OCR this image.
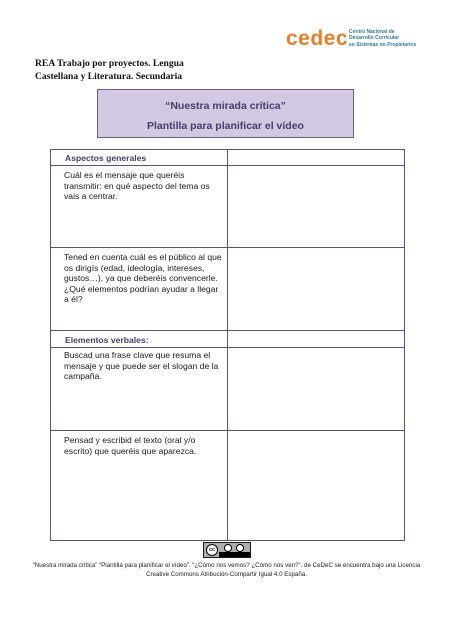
cedec Centro Nacional de
Desarrollo Curricular
en Sistemas no Propietarios
REA Trabajo por proyectos. Lengua
Castellana y Literatura. Secundaria
“Nuestra mirada crítica”
Plantilla para planificar el vídeo
Aspectos generales
Cuál es el mensaje que queréis transmitir: en qué aspecto del tema os vais a centrar.
Tened en cuenta cuál es el público al que os dirigís (edad, ideología, intereses, gustos…), ya que deberéis convencerle. ¿Qué elementos podrían ayudar a llegar a él?
Elementos verbales:
Buscad una frase clave que resuma el mensaje y que puede ser el slogan de la campaña.
Pensad y escribid el texto (oral y/o escrito) que queréis que aparezca.
cc
“Nuestra mirada crítica” “Plantilla para planificar el vídeo”. “¿Cómo nos vemos? ¿Cómo nos ven?”. de CeDeC se encuentra bajo una Licencia
Creative Commons Atribución-Compartir Igual 4.0 España.
